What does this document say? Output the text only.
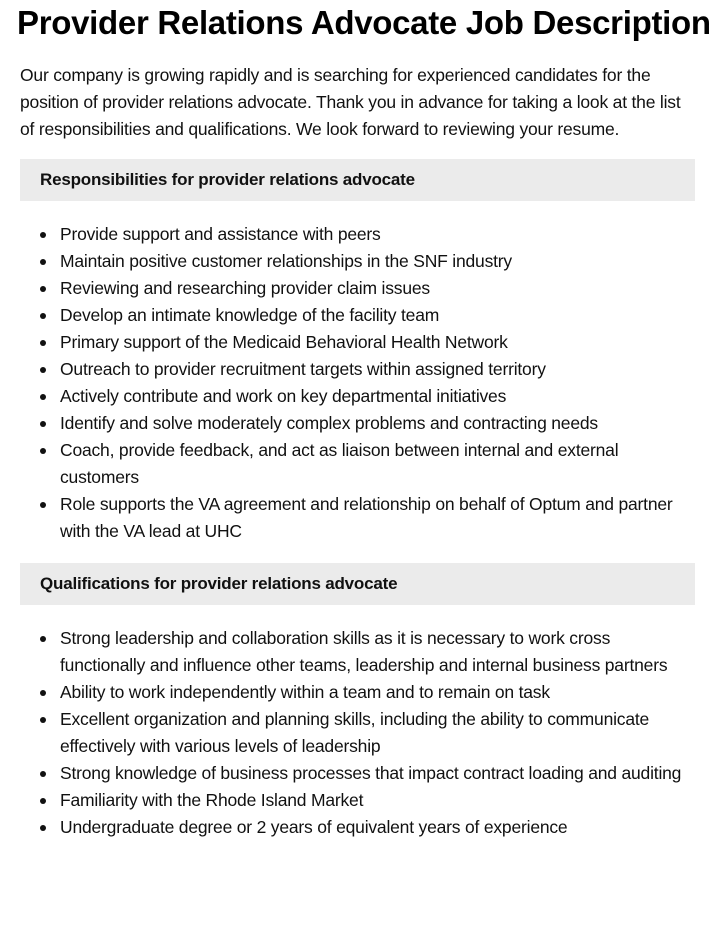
Provider Relations Advocate Job Description

Our company is growing rapidly and is searching for experienced candidates for the position of provider relations advocate. Thank you in advance for taking a look at the list of responsibilities and qualifications. We look forward to reviewing your resume.

Responsibilities for provider relations advocate
Provide support and assistance with peers
Maintain positive customer relationships in the SNF industry
Reviewing and researching provider claim issues
Develop an intimate knowledge of the facility team
Primary support of the Medicaid Behavioral Health Network
Outreach to provider recruitment targets within assigned territory
Actively contribute and work on key departmental initiatives
Identify and solve moderately complex problems and contracting needs
Coach, provide feedback, and act as liaison between internal and external customers
Role supports the VA agreement and relationship on behalf of Optum and partner with the VA lead at UHC
Qualifications for provider relations advocate
Strong leadership and collaboration skills as it is necessary to work cross functionally and influence other teams, leadership and internal business partners
Ability to work independently within a team and to remain on task
Excellent organization and planning skills, including the ability to communicate effectively with various levels of leadership
Strong knowledge of business processes that impact contract loading and auditing
Familiarity with the Rhode Island Market
Undergraduate degree or 2 years of equivalent years of experience
